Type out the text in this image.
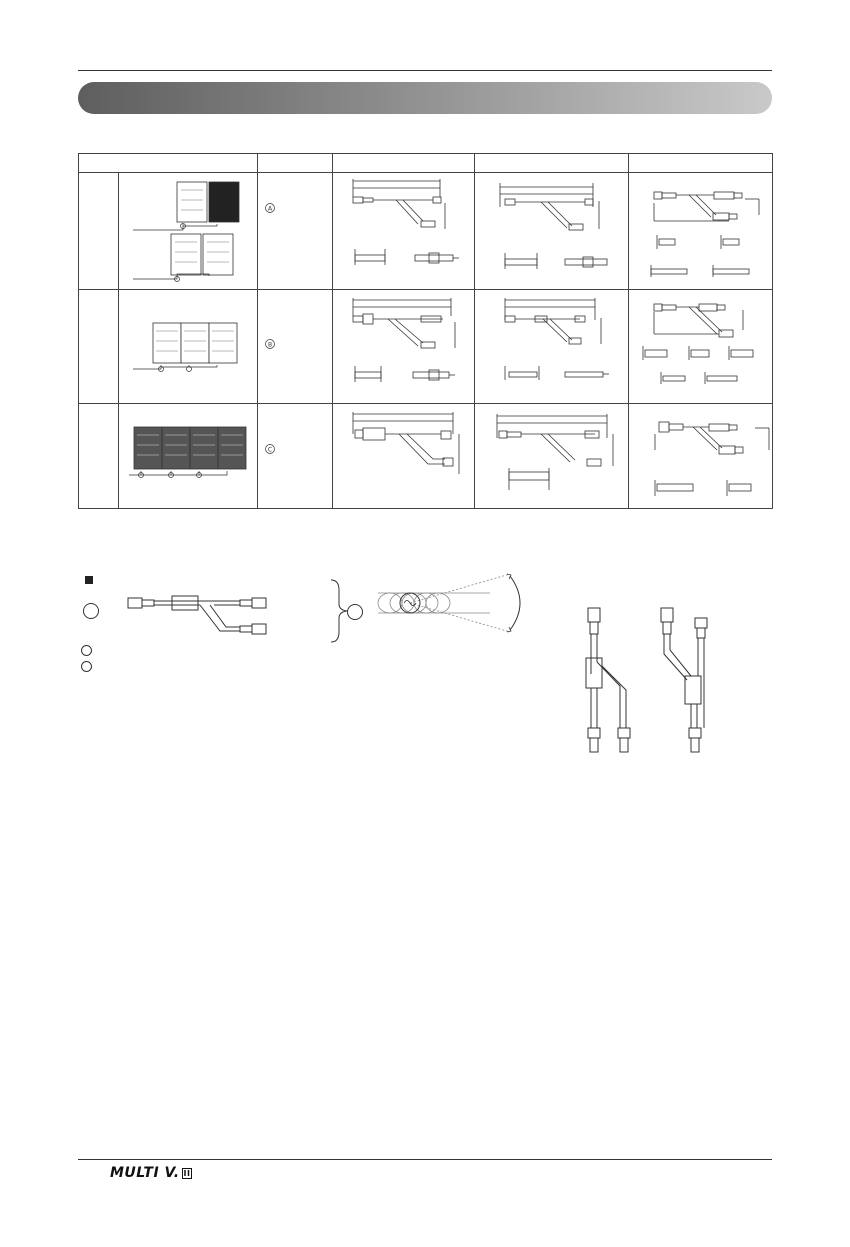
A

B

C

MULTI V. II
